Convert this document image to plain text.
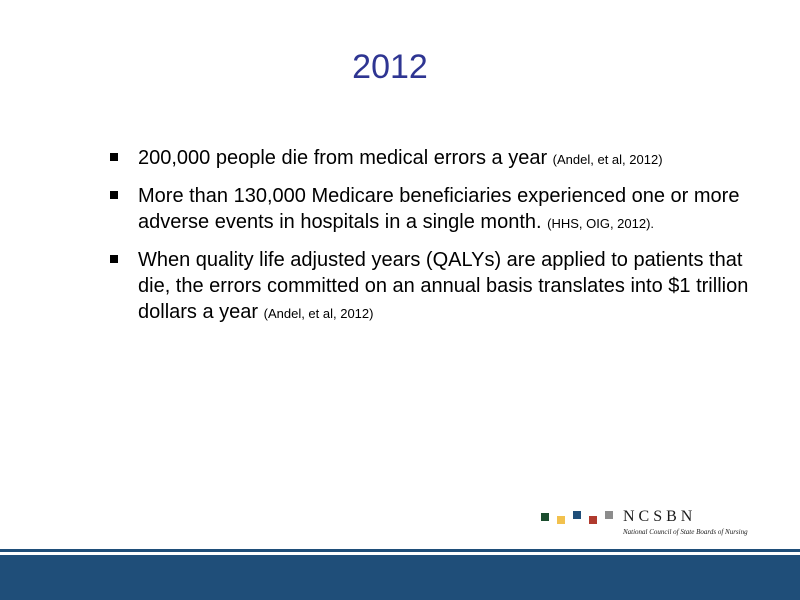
2012
200,000 people die from medical errors a year (Andel, et al, 2012)
More than 130,000 Medicare beneficiaries experienced one or more adverse events in hospitals in a single month. (HHS, OIG, 2012).
When quality life adjusted years (QALYs) are applied to patients that die, the errors committed on an annual basis translates into $1 trillion dollars a year (Andel, et al, 2012)
NCSBN
National Council of State Boards of Nursing
